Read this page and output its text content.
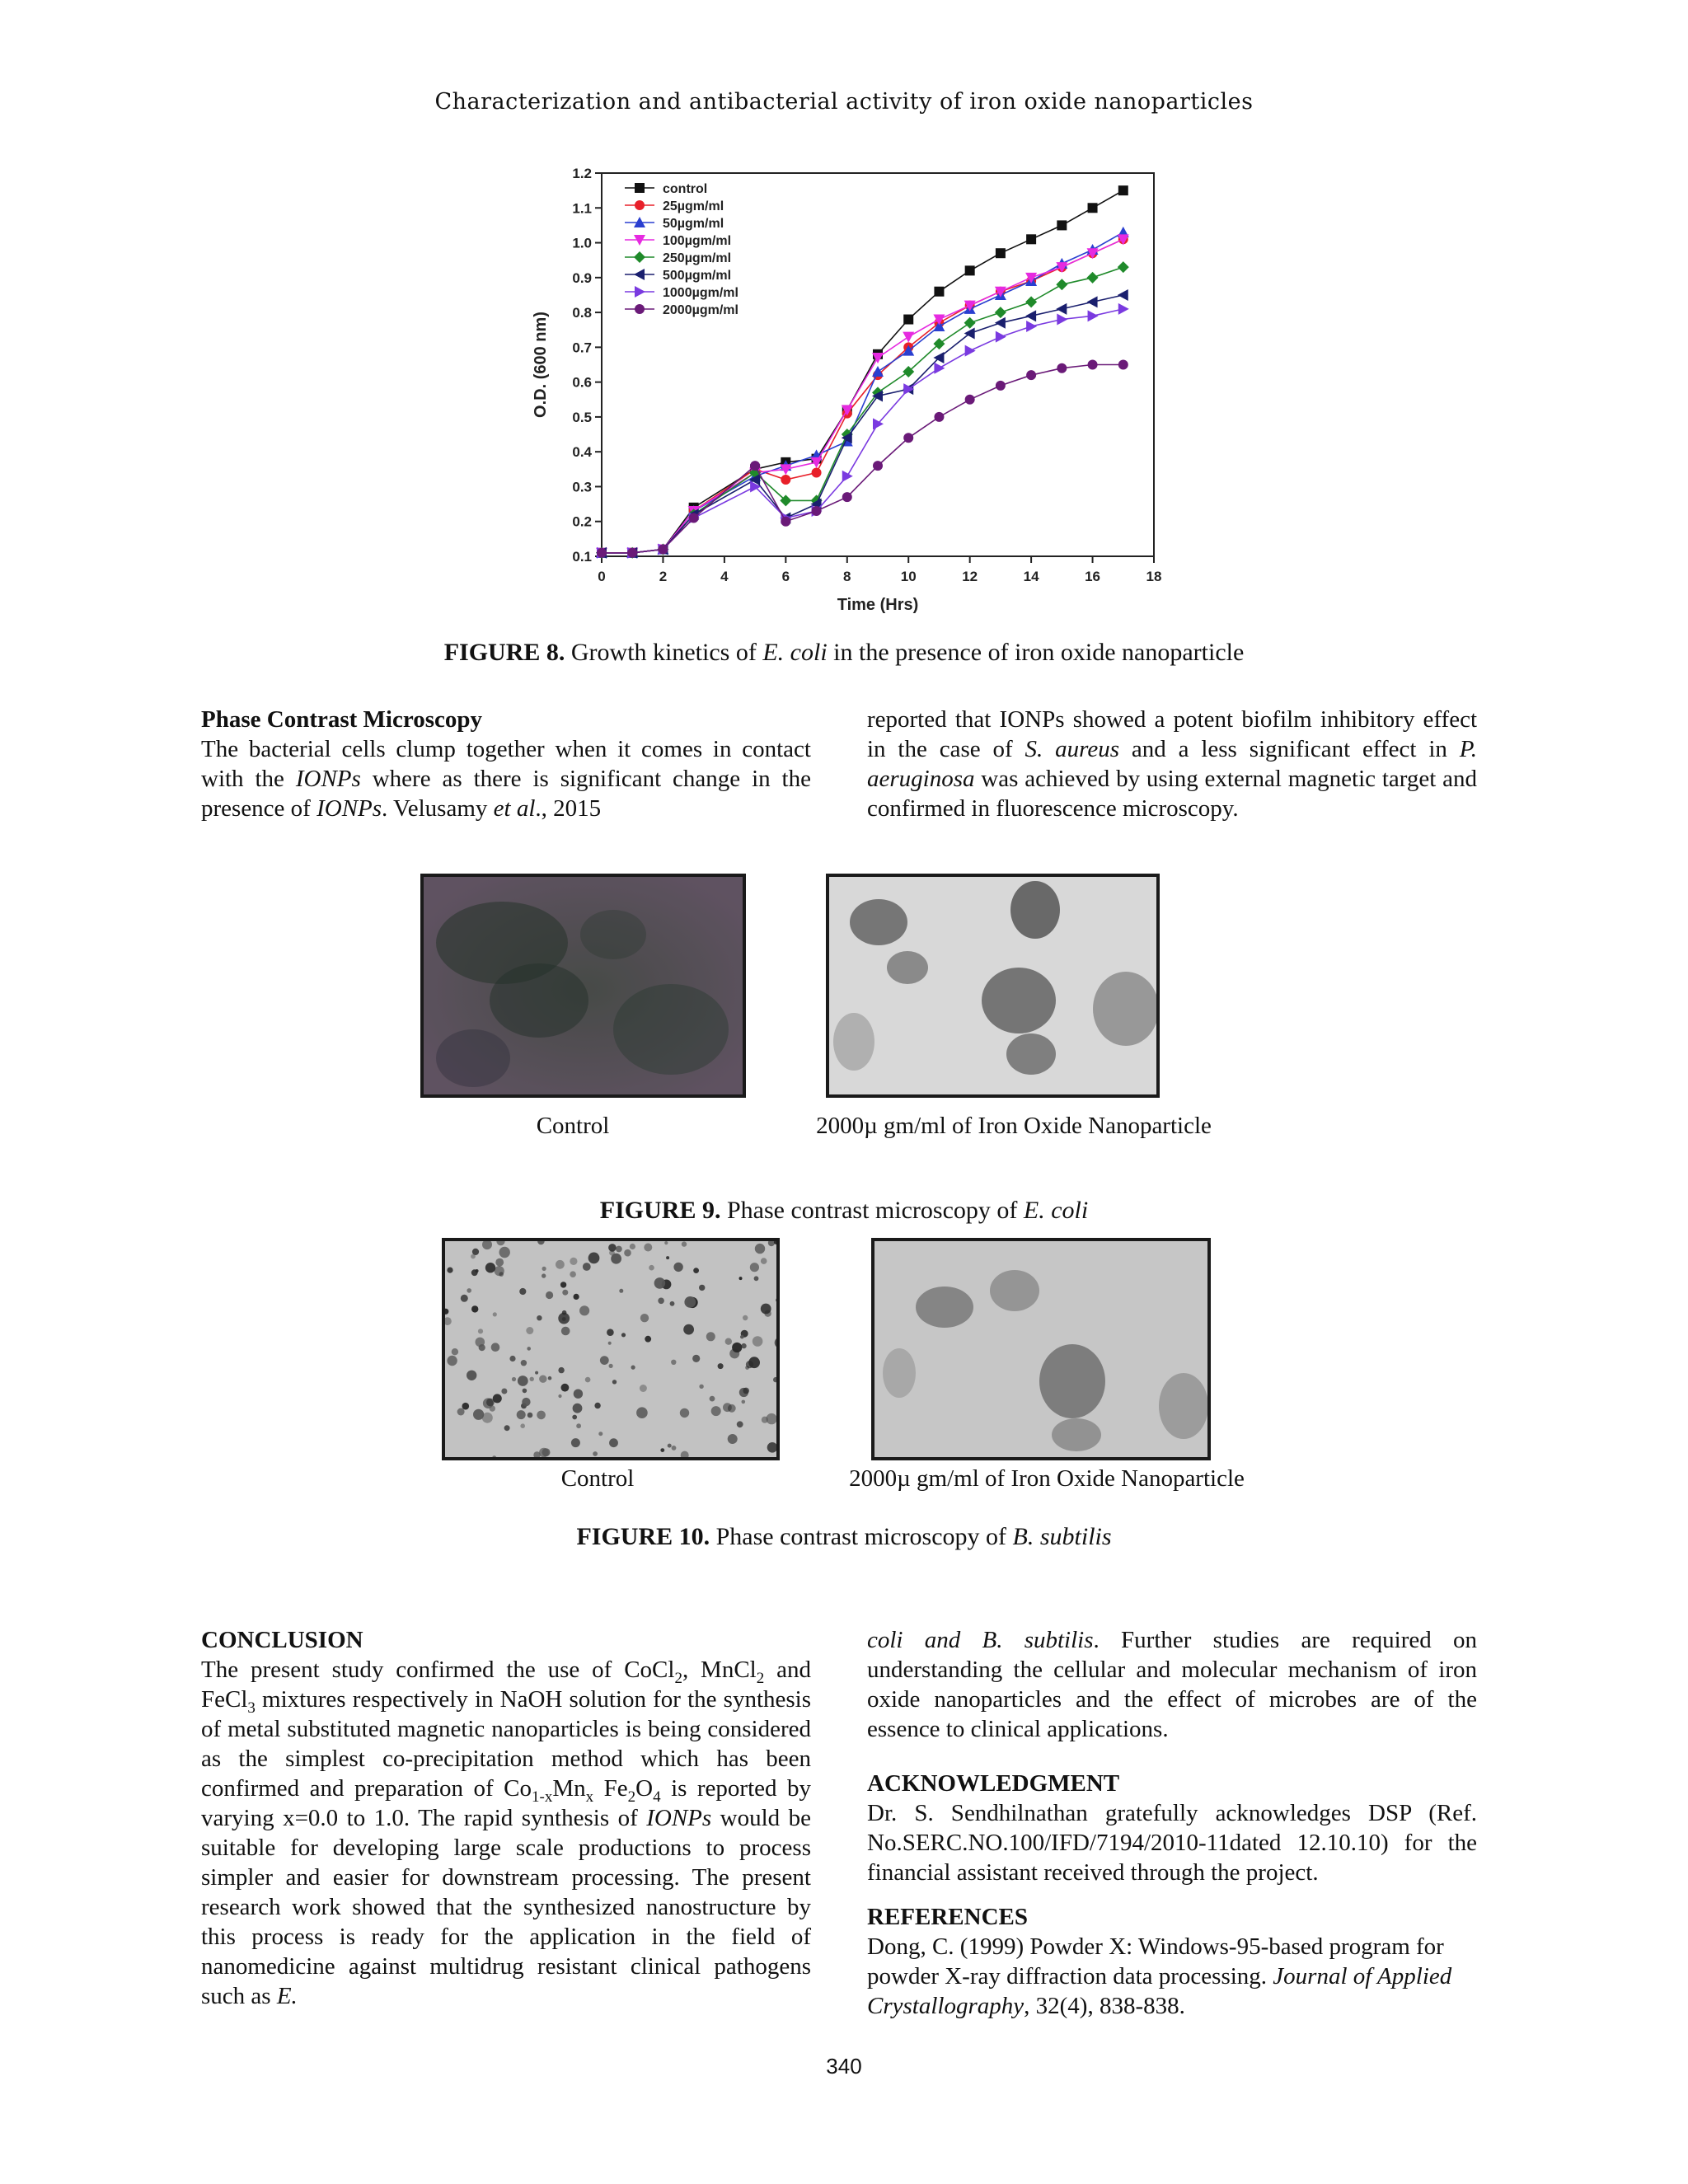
Characterization and antibacterial activity of iron oxide nanoparticles
0	2	4	6	8	10	12	14	16	18
0.1
0.2
0.3
0.4
0.5
0.6
0.7
0.8
0.9
1.0
1.1
1.2
Time (Hrs)
O.D. (600 nm)
control
25µgm/ml
50µgm/ml
100µgm/ml
250µgm/ml
500µgm/ml
1000µgm/ml
2000µgm/ml
FIGURE 8. Growth kinetics of E. coli in the presence of iron oxide nanoparticle
Phase Contrast Microscopy

The bacterial cells clump together when it comes in contact with the IONPs where as there is significant change in the presence of IONPs. Velusamy et al., 2015

reported that IONPs showed a potent biofilm inhibitory effect in the case of S. aureus and a less significant effect in P. aeruginosa was achieved by using external magnetic target and confirmed in fluorescence microscopy.

Control	2000µ gm/ml of Iron Oxide Nanoparticle
FIGURE 9. Phase contrast microscopy of E. coli
Control	2000µ gm/ml of Iron Oxide Nanoparticle
FIGURE 10. Phase contrast microscopy of B. subtilis
CONCLUSION

The present study confirmed the use of CoCl$_2$, MnCl$_2$ and FeCl$_3$ mixtures respectively in NaOH solution for the synthesis of metal substituted magnetic nanoparticles is being considered as the simplest co-precipitation method which has been confirmed and preparation of $Co_{1-x}Mn_x$ $Fe_2O_4$ is reported by varying x=0.0 to 1.0. The rapid synthesis of IONPs would be suitable for developing large scale productions to process simpler and easier for downstream processing. The present research work showed that the synthesized nanostructure by this process is ready for the application in the field of nanomedicine against multidrug resistant clinical pathogens such as E.

coli and B. subtilis. Further studies are required on understanding the cellular and molecular mechanism of iron oxide nanoparticles and the effect of microbes are of the essence to clinical applications.

ACKNOWLEDGMENT

Dr. S. Sendhilnathan gratefully acknowledges DSP (Ref. No.SERC.NO.100/IFD/7194/2010-11dated 12.10.10) for the financial assistant received through the project.

REFERENCES

Dong, C. (1999) Powder X: Windows-95-based program for powder X-ray diffraction data processing. Journal of Applied Crystallography, 32(4), 838-838.

340
